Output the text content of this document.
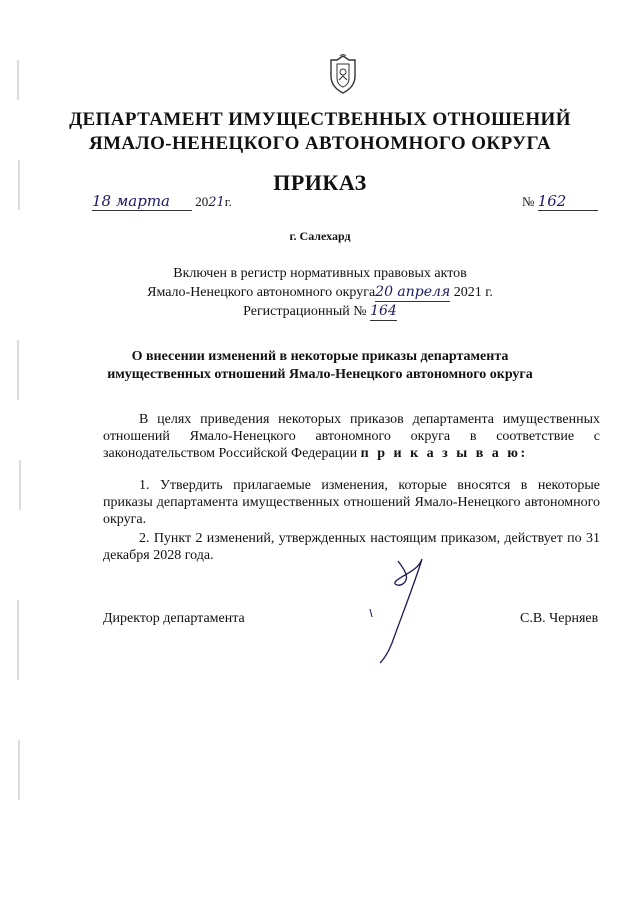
ДЕПАРТАМЕНТ ИМУЩЕСТВЕННЫХ ОТНОШЕНИЙ
ЯМАЛО-НЕНЕЦКОГО АВТОНОМНОГО ОКРУГА
ПРИКАЗ
18 марта 2021г.	№ 162
г. Салехард
Включен в регистр нормативных правовых актов
Ямало-Ненецкого автономного округа20 апреля 2021 г.
Регистрационный № 164
О внесении изменений в некоторые приказы департамента
имущественных отношений Ямало-Ненецкого автономного округа
В целях приведения некоторых приказов департамента имущественных отношений Ямало-Ненецкого автономного округа в соответствие с законодательством Российской Федерации п р и к а з ы в а ю:
1. Утвердить прилагаемые изменения, которые вносятся в некоторые приказы департамента имущественных отношений Ямало-Ненецкого автономного округа.
2. Пункт 2 изменений, утвержденных настоящим приказом, действует по 31 декабря 2028 года.
Директор департамента	С.В. Черняев
